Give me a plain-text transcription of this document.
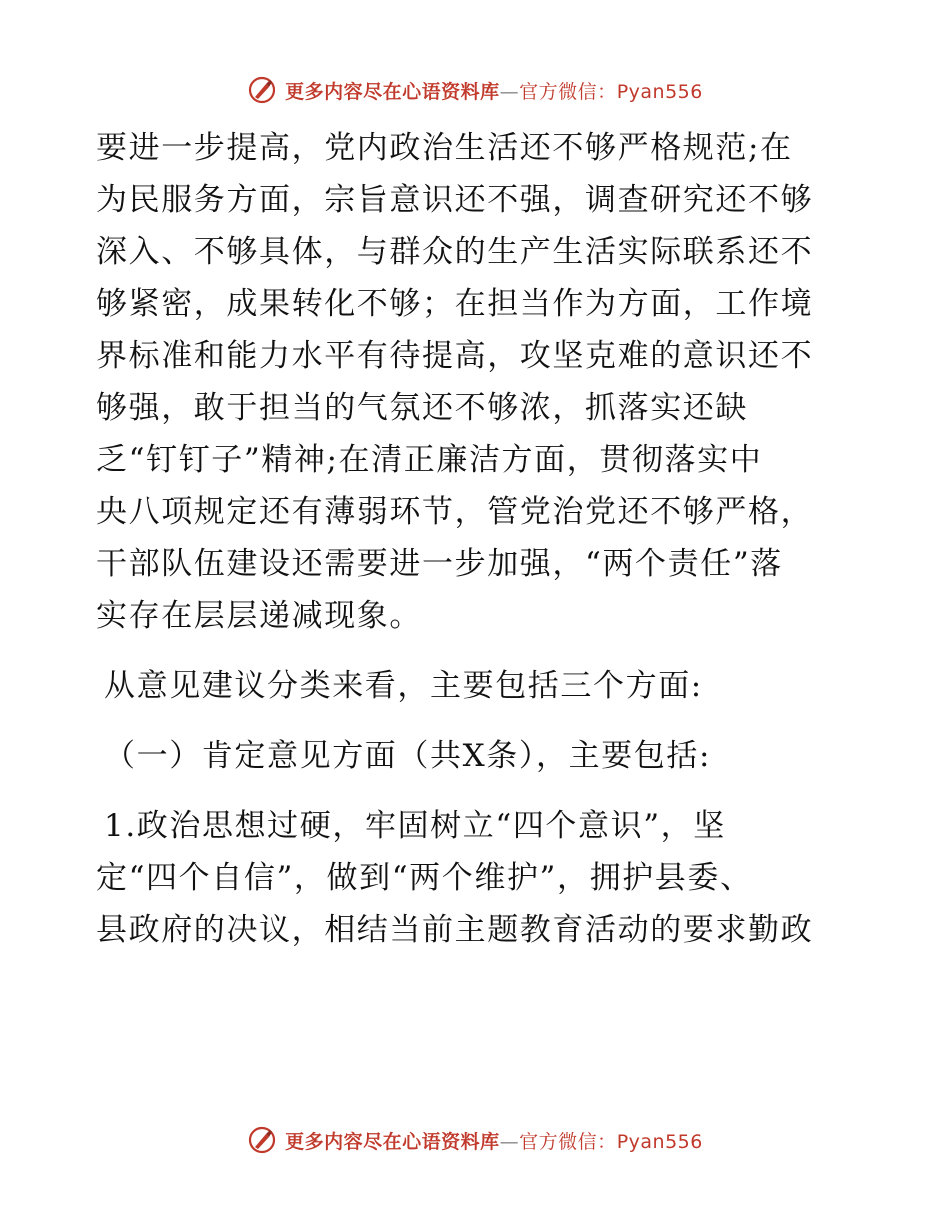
更多内容尽在心语资料库—官方微信：Pyan556

要进一步提高，党内政治生活还不够严格规范;在
为民服务方面，宗旨意识还不强，调查研究还不够
深入、不够具体，与群众的生产生活实际联系还不
够紧密，成果转化不够；在担当作为方面，工作境
界标准和能力水平有待提高，攻坚克难的意识还不
够强，敢于担当的气氛还不够浓，抓落实还缺
乏“钉钉子”精神;在清正廉洁方面，贯彻落实中
央八项规定还有薄弱环节，管党治党还不够严格，
干部队伍建设还需要进一步加强，“两个责任”落
实存在层层递减现象。

从意见建议分类来看，主要包括三个方面:

（一）肯定意见方面（共X条），主要包括:

1.政治思想过硬，牢固树立“四个意识”，坚
定“四个自信”，做到“两个维护”，拥护县委、
县政府的决议，相结当前主题教育活动的要求勤政

更多内容尽在心语资料库—官方微信：Pyan556
